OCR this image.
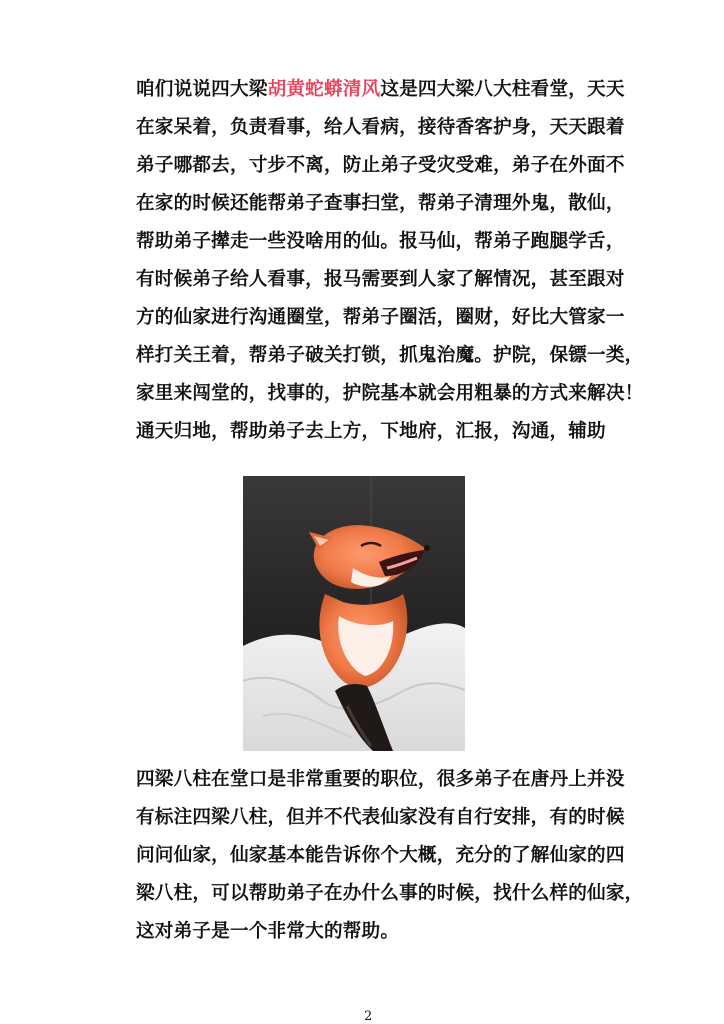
咱们说说四大梁胡黄蛇蟒清风这是四大梁八大柱看堂，天天
在家呆着，负责看事，给人看病，接待香客护身，天天跟着
弟子哪都去，寸步不离，防止弟子受灾受难，弟子在外面不
在家的时候还能帮弟子查事扫堂，帮弟子清理外鬼，散仙，
帮助弟子撵走一些没啥用的仙。报马仙，帮弟子跑腿学舌，
有时候弟子给人看事，报马需要到人家了解情况，甚至跟对
方的仙家进行沟通圈堂，帮弟子圈活，圈财，好比大管家一
样打关王着，帮弟子破关打锁，抓鬼治魔。护院，保镖一类，
家里来闯堂的，找事的，护院基本就会用粗暴的方式来解决！
通天归地，帮助弟子去上方，下地府，汇报，沟通，辅助
四梁八柱在堂口是非常重要的职位，很多弟子在唐丹上并没
有标注四梁八柱，但并不代表仙家没有自行安排，有的时候
问问仙家，仙家基本能告诉你个大概，充分的了解仙家的四
梁八柱，可以帮助弟子在办什么事的时候，找什么样的仙家，
这对弟子是一个非常大的帮助。
2
